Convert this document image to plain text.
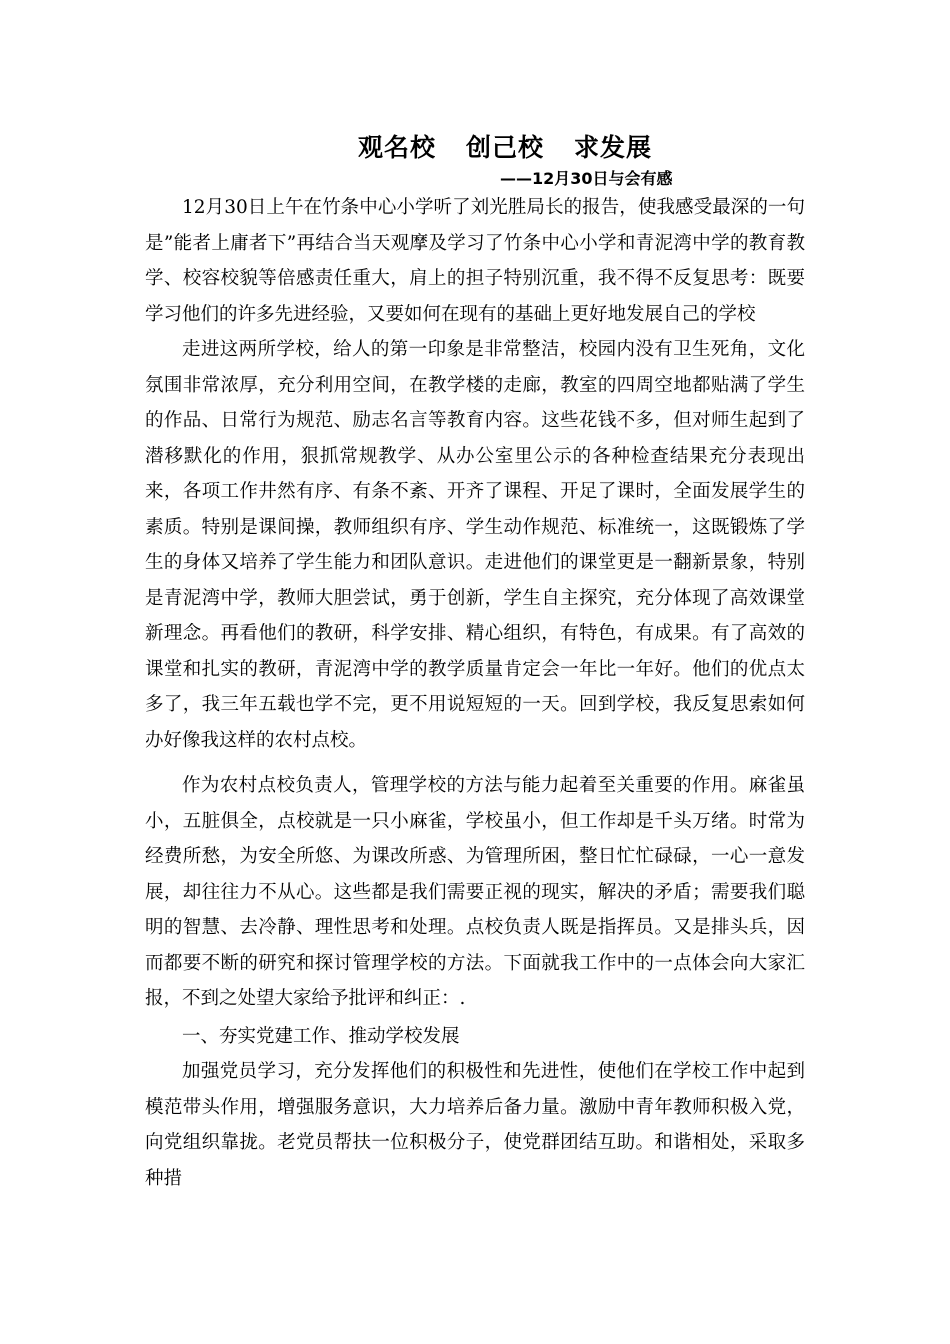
观名校 创己校 求发展
——12月30日与会有感

12月30日上午在竹条中心小学听了刘光胜局长的报告，使我感受最深的一句是”能者上庸者下”再结合当天观摩及学习了竹条中心小学和青泥湾中学的教育教学、校容校貌等倍感责任重大，肩上的担子特别沉重，我不得不反复思考：既要学习他们的许多先进经验，又要如何在现有的基础上更好地发展自己的学校

走进这两所学校，给人的第一印象是非常整洁，校园内没有卫生死角，文化氛围非常浓厚，充分利用空间，在教学楼的走廊，教室的四周空地都贴满了学生的作品、日常行为规范、励志名言等教育内容。这些花钱不多，但对师生起到了潜移默化的作用，狠抓常规教学、从办公室里公示的各种检查结果充分表现出来，各项工作井然有序、有条不紊、开齐了课程、开足了课时，全面发展学生的素质。特别是课间操，教师组织有序、学生动作规范、标准统一，这既锻炼了学生的身体又培养了学生能力和团队意识。走进他们的课堂更是一翻新景象，特别是青泥湾中学，教师大胆尝试，勇于创新，学生自主探究，充分体现了高效课堂新理念。再看他们的教研，科学安排、精心组织，有特色，有成果。有了高效的课堂和扎实的教研，青泥湾中学的教学质量肯定会一年比一年好。他们的优点太多了，我三年五载也学不完，更不用说短短的一天。回到学校，我反复思索如何办好像我这样的农村点校。

作为农村点校负责人，管理学校的方法与能力起着至关重要的作用。麻雀虽小，五脏俱全，点校就是一只小麻雀，学校虽小，但工作却是千头万绪。时常为经费所愁，为安全所悠、为课改所惑、为管理所困，整日忙忙碌碌，一心一意发展，却往往力不从心。这些都是我们需要正视的现实，解决的矛盾；需要我们聪明的智慧、去冷静、理性思考和处理。点校负责人既是指挥员。又是排头兵，因而都要不断的研究和探讨管理学校的方法。下面就我工作中的一点体会向大家汇报，不到之处望大家给予批评和纠正：.

一、夯实党建工作、推动学校发展

加强党员学习，充分发挥他们的积极性和先进性，使他们在学校工作中起到模范带头作用，增强服务意识，大力培养后备力量。激励中青年教师积极入党，向党组织靠拢。老党员帮扶一位积极分子，使党群团结互助。和谐相处，采取多种措
